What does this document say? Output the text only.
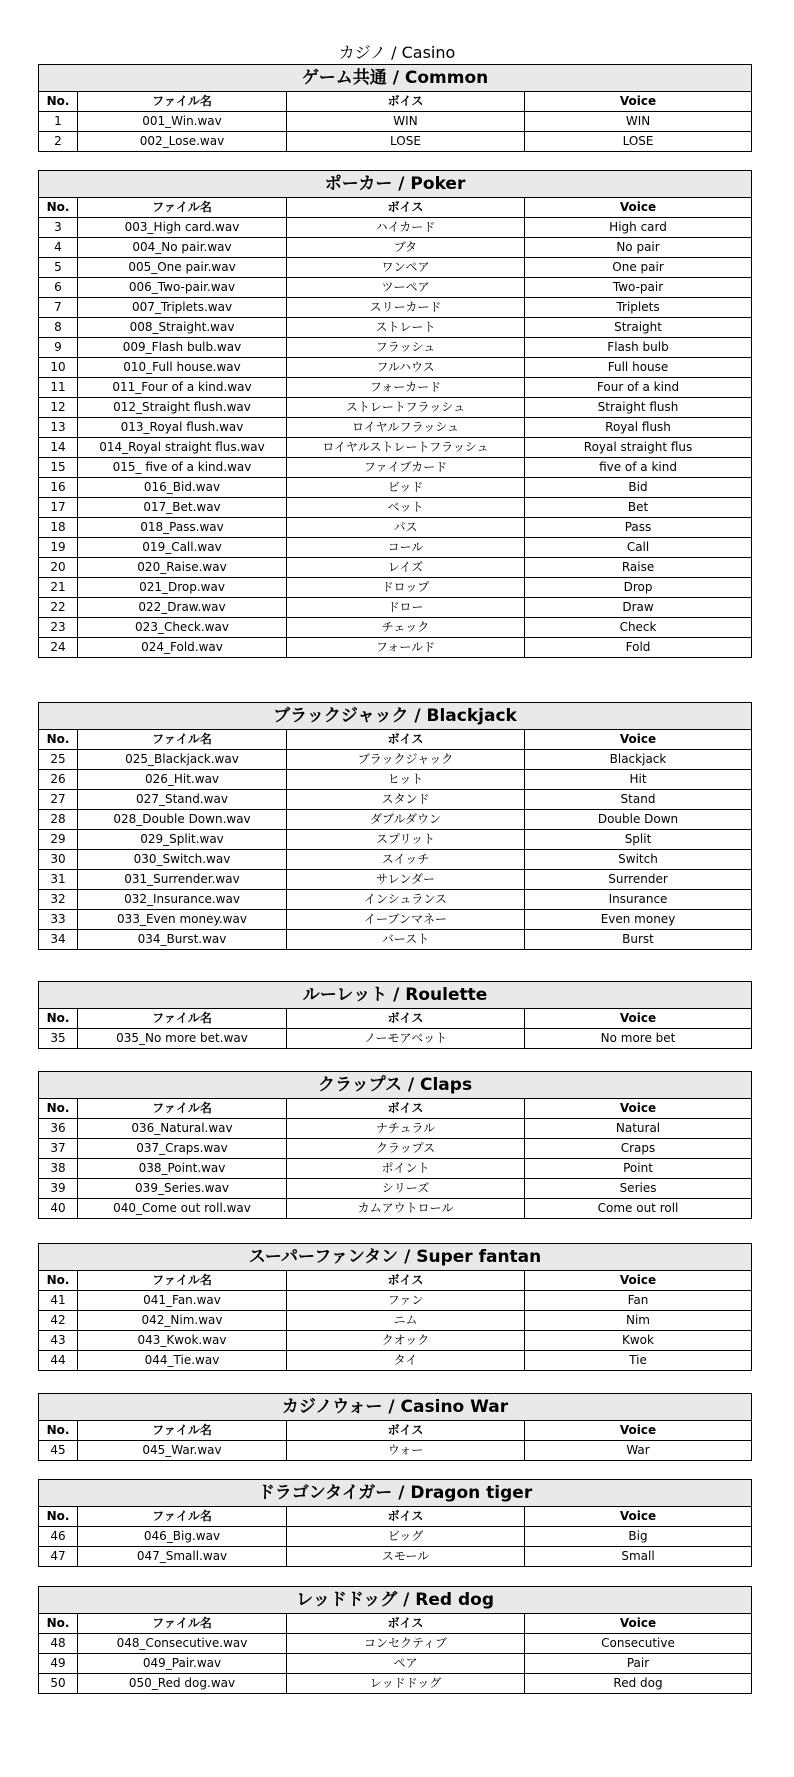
カジノ / Casino
ゲーム共通 / Common			
No.	ファイル名	ボイス	Voice
1	001_Win.wav	WIN	WIN
2	002_Lose.wav	LOSE	LOSE
ポーカー / Poker			
No.	ファイル名	ボイス	Voice
3	003_High card.wav	ハイカード	High card
4	004_No pair.wav	ブタ	No pair
5	005_One pair.wav	ワンペア	One pair
6	006_Two-pair.wav	ツーペア	Two-pair
7	007_Triplets.wav	スリーカード	Triplets
8	008_Straight.wav	ストレート	Straight
9	009_Flash bulb.wav	フラッシュ	Flash bulb
10	010_Full house.wav	フルハウス	Full house
11	011_Four of a kind.wav	フォーカード	Four of a kind
12	012_Straight flush.wav	ストレートフラッシュ	Straight flush
13	013_Royal flush.wav	ロイヤルフラッシュ	Royal flush
14	014_Royal straight flus.wav	ロイヤルストレートフラッシュ	Royal straight flus
15	015_ five of a kind.wav	ファイブカード	five of a kind
16	016_Bid.wav	ビッド	Bid
17	017_Bet.wav	ベット	Bet
18	018_Pass.wav	パス	Pass
19	019_Call.wav	コール	Call
20	020_Raise.wav	レイズ	Raise
21	021_Drop.wav	ドロップ	Drop
22	022_Draw.wav	ドロー	Draw
23	023_Check.wav	チェック	Check
24	024_Fold.wav	フォールド	Fold
ブラックジャック / Blackjack			
No.	ファイル名	ボイス	Voice
25	025_Blackjack.wav	ブラックジャック	Blackjack
26	026_Hit.wav	ヒット	Hit
27	027_Stand.wav	スタンド	Stand
28	028_Double Down.wav	ダブルダウン	Double Down
29	029_Split.wav	スプリット	Split
30	030_Switch.wav	スイッチ	Switch
31	031_Surrender.wav	サレンダー	Surrender
32	032_Insurance.wav	インシュランス	Insurance
33	033_Even money.wav	イーブンマネー	Even money
34	034_Burst.wav	バースト	Burst
ルーレット / Roulette			
No.	ファイル名	ボイス	Voice
35	035_No more bet.wav	ノーモアベット	No more bet
クラップス / Claps			
No.	ファイル名	ボイス	Voice
36	036_Natural.wav	ナチュラル	Natural
37	037_Craps.wav	クラップス	Craps
38	038_Point.wav	ポイント	Point
39	039_Series.wav	シリーズ	Series
40	040_Come out roll.wav	カムアウトロール	Come out roll
スーパーファンタン / Super fantan			
No.	ファイル名	ボイス	Voice
41	041_Fan.wav	ファン	Fan
42	042_Nim.wav	ニム	Nim
43	043_Kwok.wav	クオック	Kwok
44	044_Tie.wav	タイ	Tie
カジノウォー / Casino War			
No.	ファイル名	ボイス	Voice
45	045_War.wav	ウォー	War
ドラゴンタイガー / Dragon tiger			
No.	ファイル名	ボイス	Voice
46	046_Big.wav	ビッグ	Big
47	047_Small.wav	スモール	Small
レッドドッグ / Red dog			
No.	ファイル名	ボイス	Voice
48	048_Consecutive.wav	コンセクティブ	Consecutive
49	049_Pair.wav	ペア	Pair
50	050_Red dog.wav	レッドドッグ	Red dog
